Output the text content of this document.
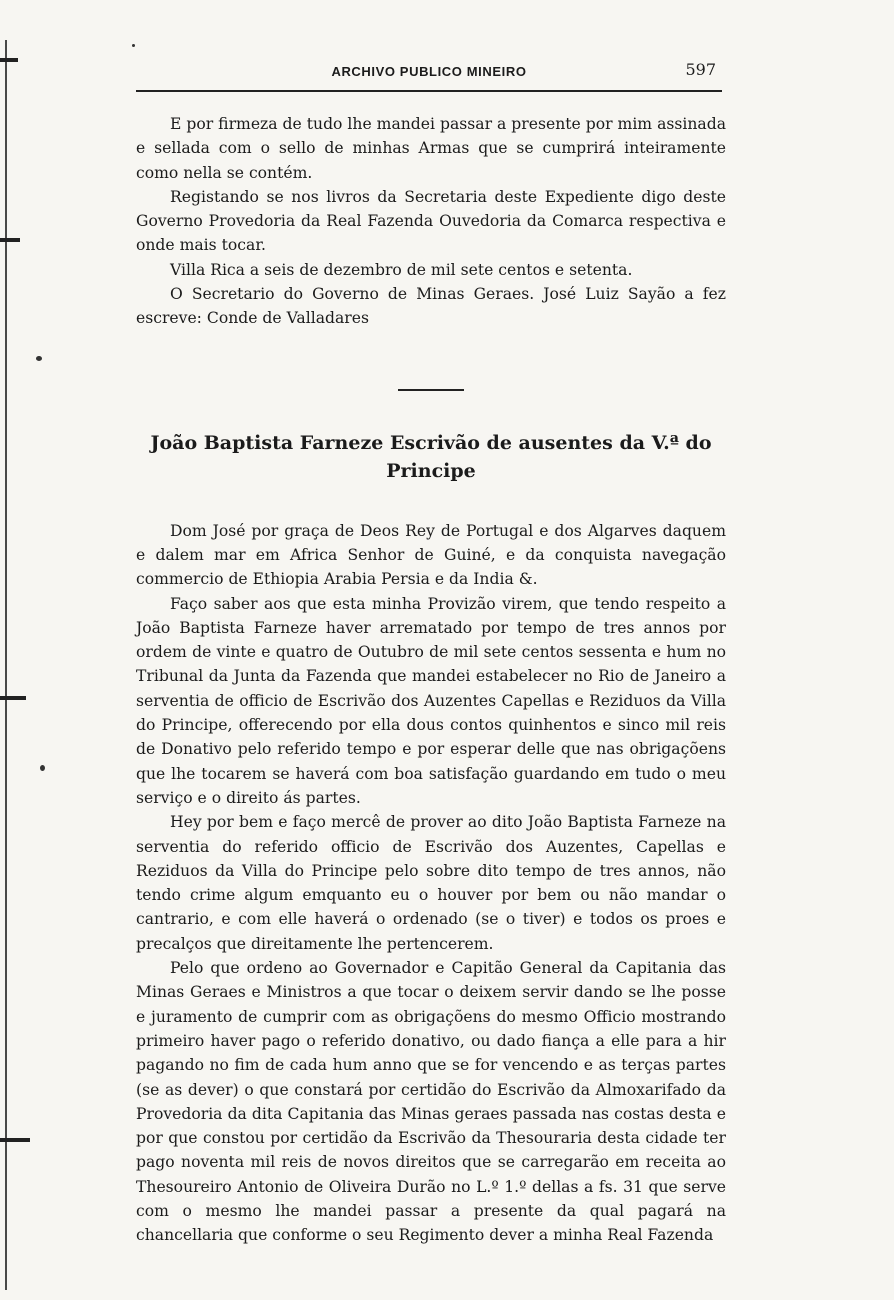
ARCHIVO PUBLICO MINEIRO	597

E por firmeza de tudo lhe mandei passar a presente por mim assinada e sellada com o sello de minhas Armas que se cumprirá inteiramente como nella se contém.

Registando se nos livros da Secretaria deste Expediente digo deste Governo Provedoria da Real Fazenda Ouvedoria da Comarca respectiva e onde mais tocar.

Villa Rica a seis de dezembro de mil sete centos e setenta.

O Secretario do Governo de Minas Geraes. José Luiz Sayão a fez escreve: Conde de Valladares

João Baptista Farneze Escrivão de ausentes da V.ª do Principe

Dom José por graça de Deos Rey de Portugal e dos Algarves daquem e dalem mar em Africa Senhor de Guiné, e da conquista navegação commercio de Ethiopia Arabia Persia e da India &.

Faço saber aos que esta minha Provizão virem, que tendo respeito a João Baptista Farneze haver arrematado por tempo de tres annos por ordem de vinte e quatro de Outubro de mil sete centos sessenta e hum no Tribunal da Junta da Fazenda que mandei estabelecer no Rio de Janeiro a serventia de officio de Escrivão dos Auzentes Capellas e Reziduos da Villa do Principe, offerecendo por ella dous contos quinhentos e sinco mil reis de Donativo pelo referido tempo e por esperar delle que nas obrigaçõens que lhe tocarem se haverá com boa satisfação guardando em tudo o meu serviço e o direito ás partes.

Hey por bem e faço mercê de prover ao dito João Baptista Farneze na serventia do referido officio de Escrivão dos Auzentes, Capellas e Reziduos da Villa do Principe pelo sobre dito tempo de tres annos, não tendo crime algum emquanto eu o houver por bem ou não mandar o cantrario, e com elle haverá o ordenado (se o tiver) e todos os proes e precalços que direitamente lhe pertencerem.

Pelo que ordeno ao Governador e Capitão General da Capitania das Minas Geraes e Ministros a que tocar o deixem servir dando se lhe posse e juramento de cumprir com as obrigaçõens do mesmo Officio mostrando primeiro haver pago o referido donativo, ou dado fiança a elle para a hir pagando no fim de cada hum anno que se for vencendo e as terças partes (se as dever) o que constará por certidão do Escrivão da Almoxarifado da Provedoria da dita Capitania das Minas geraes passada nas costas desta e por que constou por certidão da Escrivão da Thesouraria desta cidade ter pago noventa mil reis de novos direitos que se carregarão em receita ao Thesoureiro Antonio de Oliveira Durão no L.º 1.º dellas a fs. 31 que serve com o mesmo lhe mandei passar a presente da qual pagará na chancellaria que conforme o seu Regimento dever a minha Real Fazenda
